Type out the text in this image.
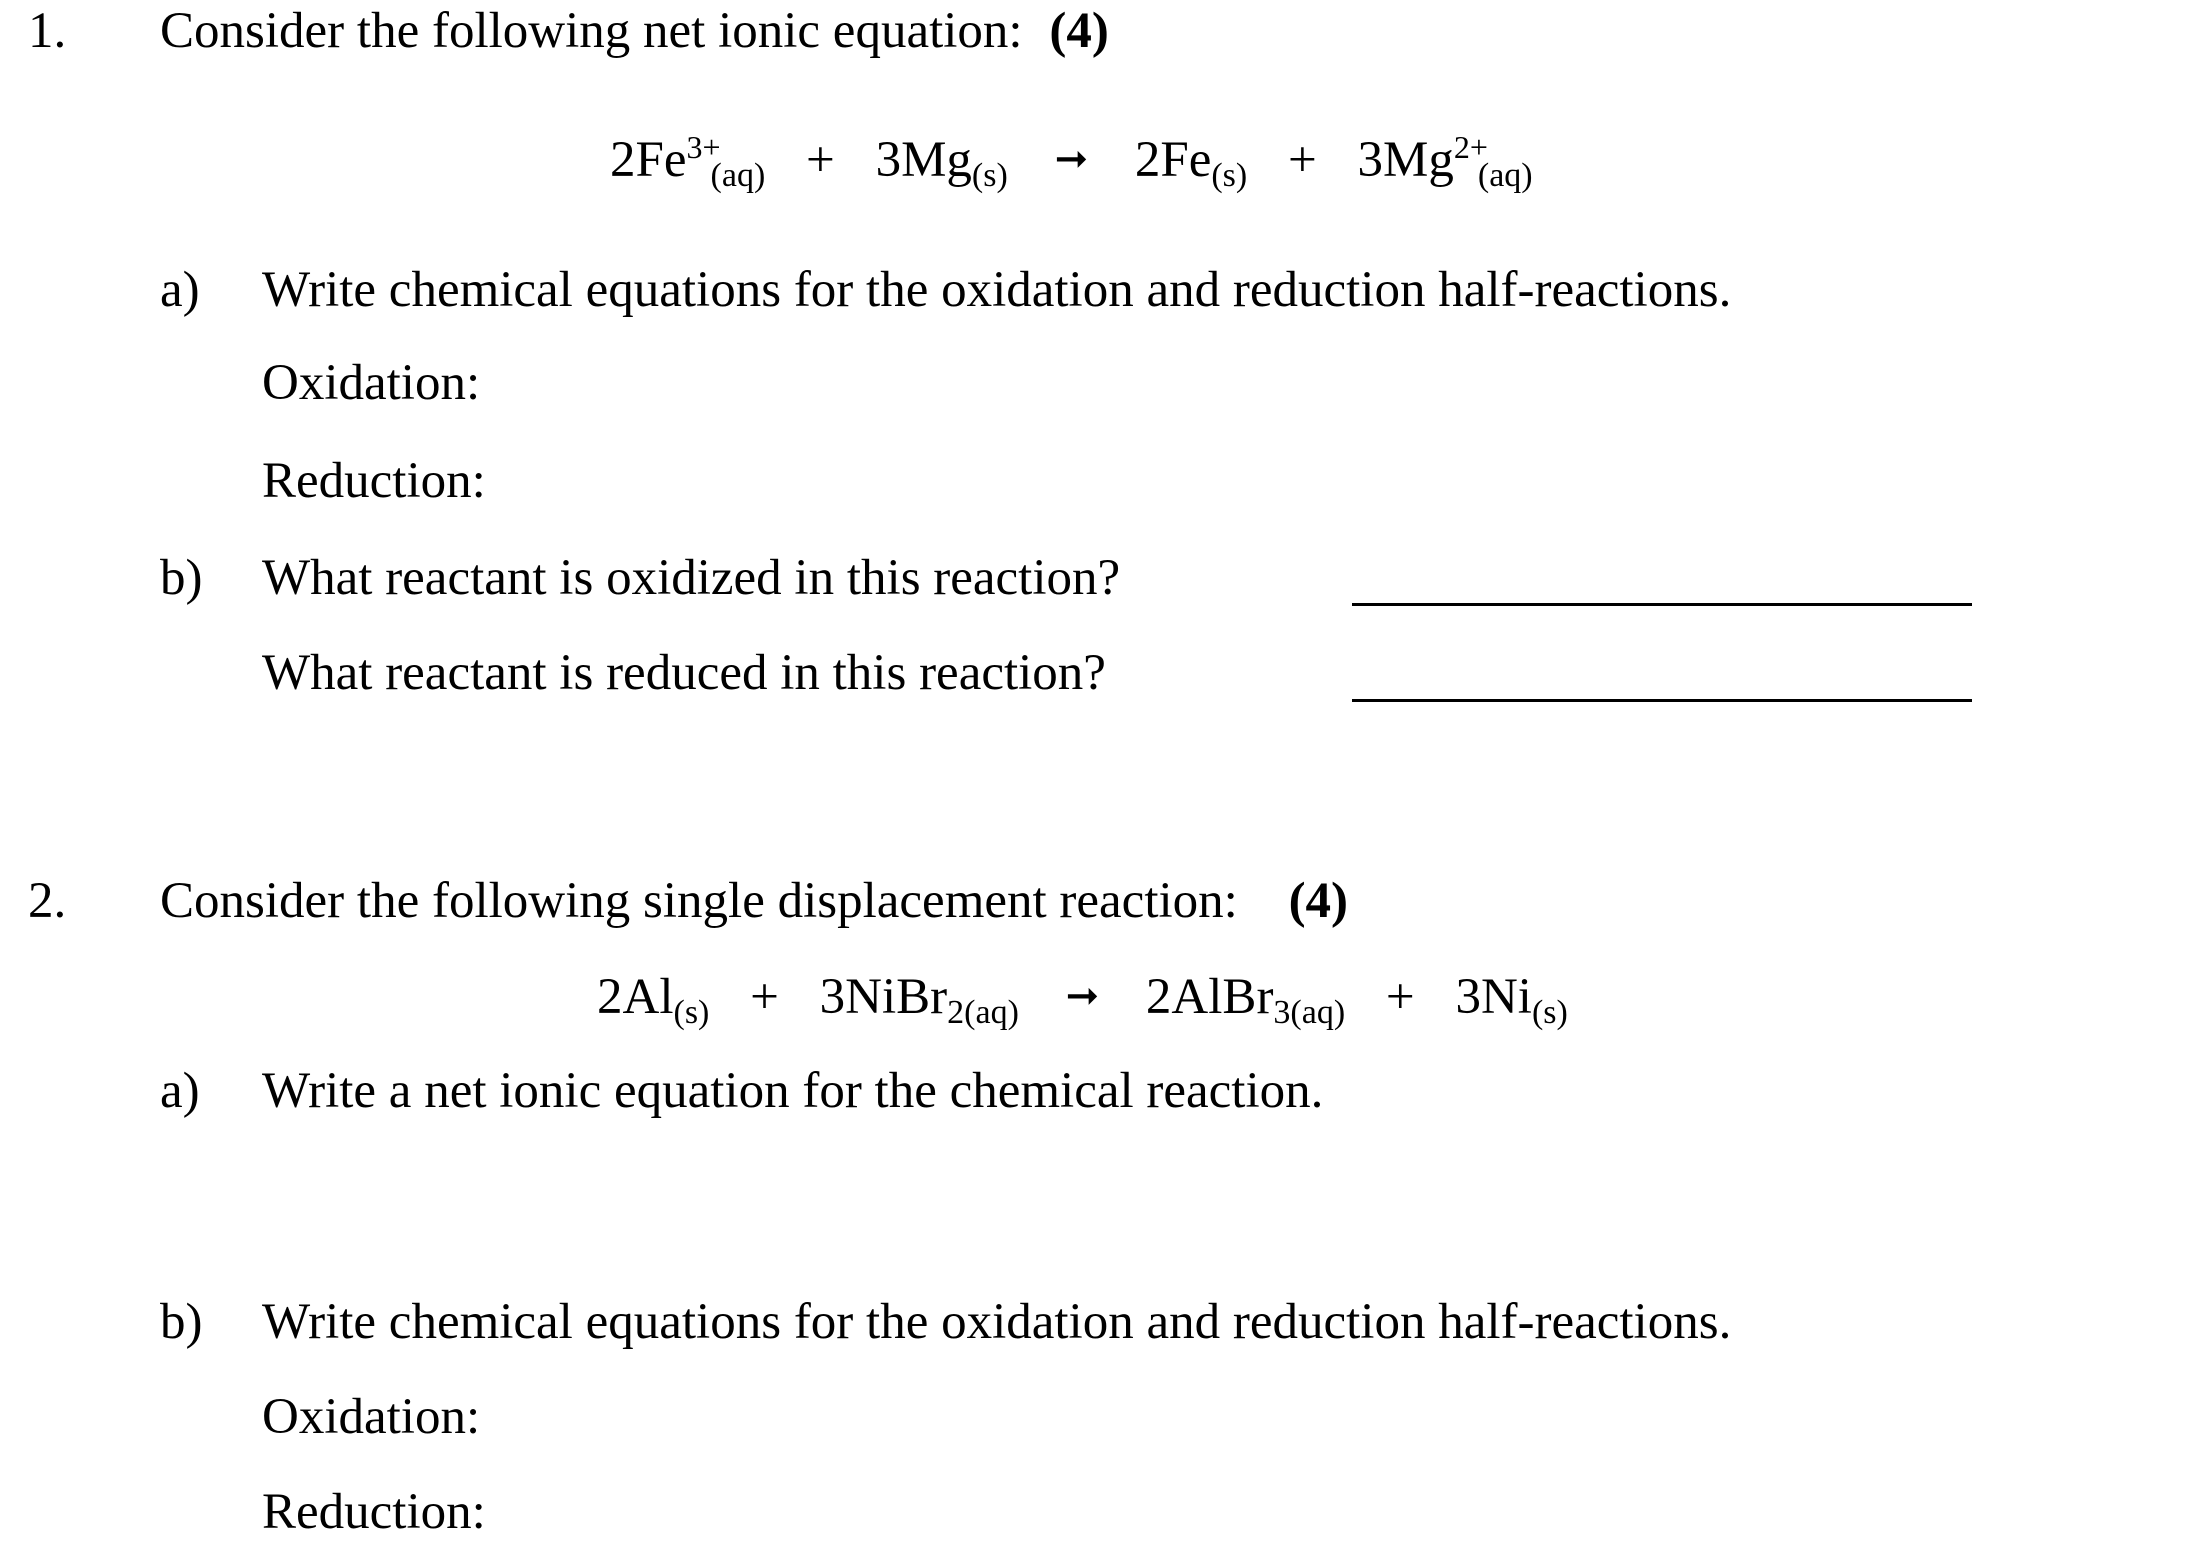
1. Consider the following net ionic equation: (4)
2Fe3+(aq) + 3Mg(s) ➞ 2Fe(s) + 3Mg2+(aq)
a) Write chemical equations for the oxidation and reduction half-reactions.
Oxidation:
Reduction:
b) What reactant is oxidized in this reaction?
What reactant is reduced in this reaction?
2. Consider the following single displacement reaction: (4)
2Al(s) + 3NiBr2(aq) ➞ 2AlBr3(aq) + 3Ni(s)
a) Write a net ionic equation for the chemical reaction.
b) Write chemical equations for the oxidation and reduction half-reactions.
Oxidation:
Reduction:
